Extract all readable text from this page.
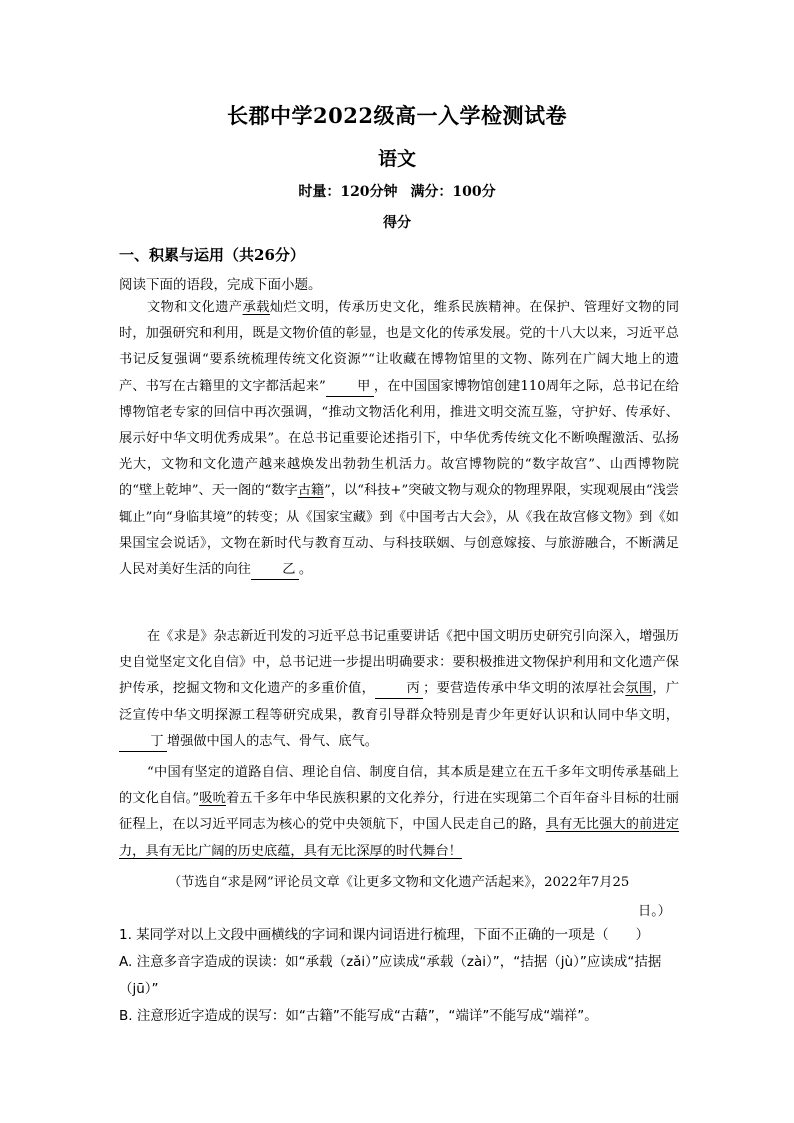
长郡中学2022级高一入学检测试卷
语文
时量：120分钟 满分：100分
得分
一、积累与运用（共26分）
阅读下面的语段，完成下面小题。
文物和文化遗产承载灿烂文明，传承历史文化，维系民族精神。在保护、管理好文物的同时，加强研究和利用，既是文物价值的彰显，也是文化的传承发展。党的十八大以来，习近平总书记反复强调“要系统梳理传统文化资源”“让收藏在博物馆里的文物、陈列在广阔大地上的遗产、书写在古籍里的文字都活起来” 甲 ，在中国国家博物馆创建110周年之际，总书记在给博物馆老专家的回信中再次强调，“推动文物活化利用，推进文明交流互鉴，守护好、传承好、展示好中华文明优秀成果”。在总书记重要论述指引下，中华优秀传统文化不断唤醒激活、弘扬光大，文物和文化遗产越来越焕发出勃勃生机活力。故宫博物院的“数字故宫”、山西博物院的“壁上乾坤”、天一阁的“数字古籍”，以“科技+”突破文物与观众的物理界限，实现观展由“浅尝辄止”向“身临其境”的转变；从《国家宝藏》到《中国考古大会》，从《我在故宫修文物》到《如果国宝会说话》，文物在新时代与教育互动、与科技联姻、与创意嫁接、与旅游融合，不断满足人民对美好生活的向往 乙 。
在《求是》杂志新近刊发的习近平总书记重要讲话《把中国文明历史研究引向深入，增强历史自觉坚定文化自信》中，总书记进一步提出明确要求：要积极推进文物保护利用和文化遗产保护传承，挖掘文物和文化遗产的多重价值， 丙 ；要营造传承中华文明的浓厚社会氛围，广泛宣传中华文明探源工程等研究成果，教育引导群众特别是青少年更好认识和认同中华文明，丁 增强做中国人的志气、骨气、底气。
“中国有坚定的道路自信、理论自信、制度自信，其本质是建立在五千多年文明传承基础上的文化自信。”吸吮着五千多年中华民族积累的文化养分，行进在实现第二个百年奋斗目标的壮丽征程上，在以习近平同志为核心的党中央领航下，中国人民走自己的路，具有无比强大的前进定力，具有无比广阔的历史底蕴，具有无比深厚的时代舞台！
（节选自“求是网”评论员文章《让更多文物和文化遗产活起来》，2022年7月25
日。）
1. 某同学对以上文段中画横线的字词和课内词语进行梳理，下面不正确的一项是（　　）
A. 注意多音字造成的误读：如“承载（zǎi）”应读成“承载（zài）”，“拮据（jù）”应读成“拮据（jū）”
B. 注意形近字造成的误写：如“古籍”不能写成“古藉”，“端详”不能写成“端祥”。
